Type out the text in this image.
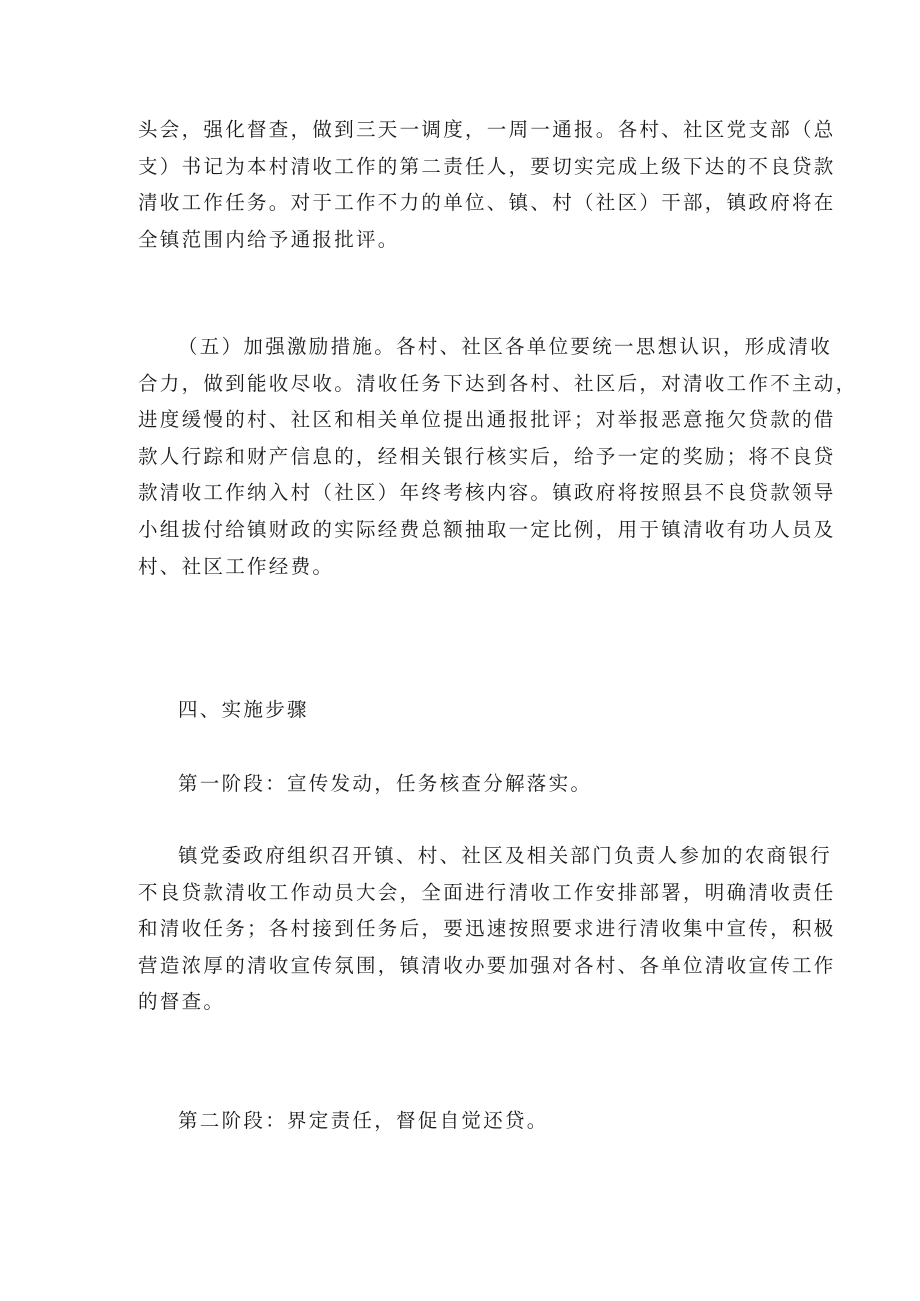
头会，强化督查，做到三天一调度，一周一通报。各村、社区党支部（总
支）书记为本村清收工作的第二责任人，要切实完成上级下达的不良贷款
清收工作任务。对于工作不力的单位、镇、村（社区）干部，镇政府将在
全镇范围内给予通报批评。
（五）加强激励措施。各村、社区各单位要统一思想认识，形成清收
合力，做到能收尽收。清收任务下达到各村、社区后，对清收工作不主动，
进度缓慢的村、社区和相关单位提出通报批评；对举报恶意拖欠贷款的借
款人行踪和财产信息的，经相关银行核实后，给予一定的奖励；将不良贷
款清收工作纳入村（社区）年终考核内容。镇政府将按照县不良贷款领导
小组拔付给镇财政的实际经费总额抽取一定比例，用于镇清收有功人员及
村、社区工作经费。
四、实施步骤
第一阶段：宣传发动，任务核查分解落实。
镇党委政府组织召开镇、村、社区及相关部门负责人参加的农商银行
不良贷款清收工作动员大会，全面进行清收工作安排部署，明确清收责任
和清收任务；各村接到任务后，要迅速按照要求进行清收集中宣传，积极
营造浓厚的清收宣传氛围，镇清收办要加强对各村、各单位清收宣传工作
的督查。
第二阶段：界定责任，督促自觉还贷。
